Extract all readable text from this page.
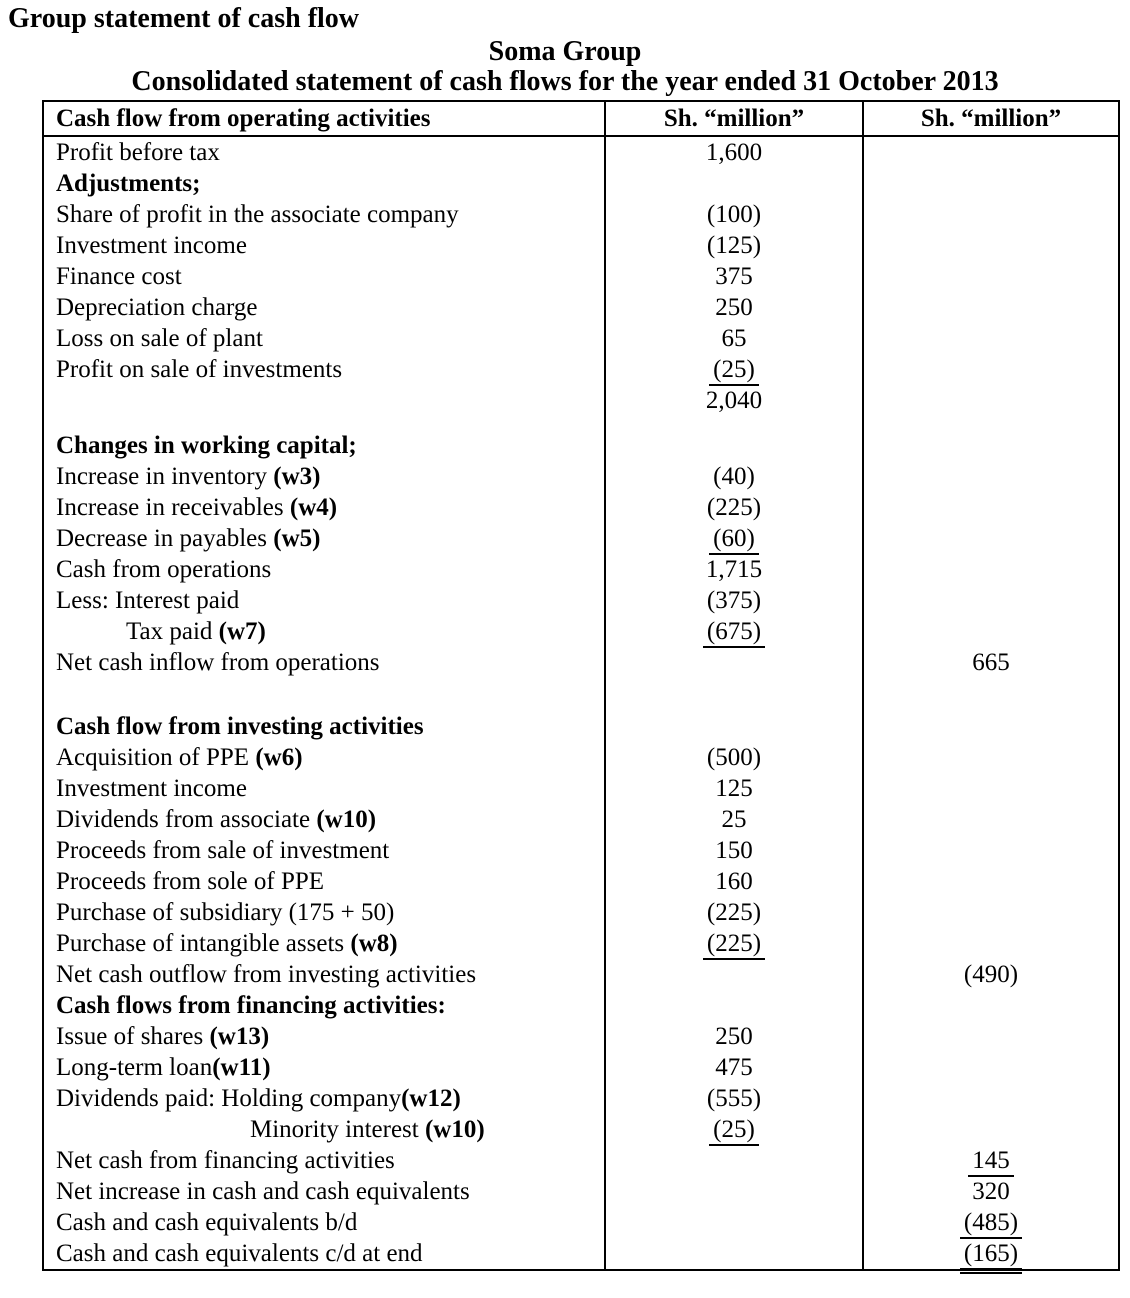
Group statement of cash flow
Soma Group
Consolidated statement of cash flows for the year ended 31 October 2013
Cash flow from operating activities	Sh. “million”	Sh. “million”
Profit before tax	1,600	
Adjustments;		
Share of profit in the associate company	(100)	
Investment income	(125)	
Finance cost	375	
Depreciation charge	250	
Loss on sale of plant	65	
Profit on sale of investments	(25)	
	2,040	

Changes in working capital;		
Increase in inventory (w3)	(40)	
Increase in receivables (w4)	(225)	
Decrease in payables (w5)	(60)	
Cash from operations	1,715	
Less: Interest paid	(375)	
Tax paid (w7)	(675)	
Net cash inflow from operations		665

Cash flow from investing activities		
Acquisition of PPE (w6)	(500)	
Investment income	125	
Dividends from associate (w10)	25	
Proceeds from sale of investment	150	
Proceeds from sole of PPE	160	
Purchase of subsidiary (175 + 50)	(225)	
Purchase of intangible assets (w8)	(225)	
Net cash outflow from investing activities		(490)
Cash flows from financing activities:		
Issue of shares (w13)	250	
Long-term loan(w11)	475	
Dividends paid: Holding company(w12)	(555)	
Minority interest (w10)	(25)	
Net cash from financing activities		145
Net increase in cash and cash equivalents		320
Cash and cash equivalents b/d		(485)
Cash and cash equivalents c/d at end		(165)
